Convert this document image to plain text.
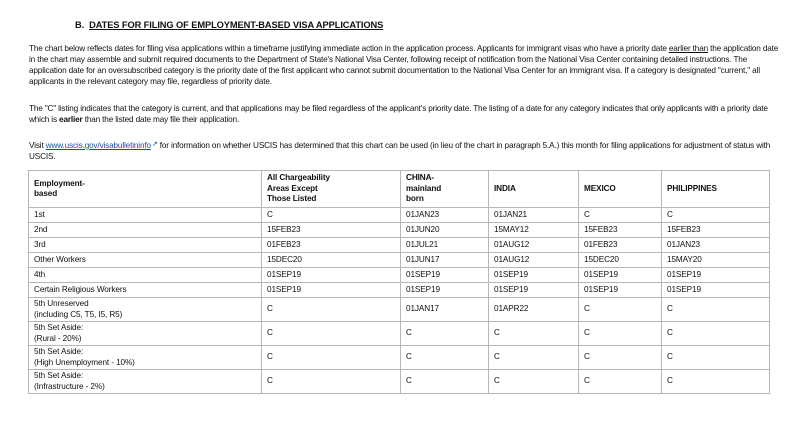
B. DATES FOR FILING OF EMPLOYMENT-BASED VISA APPLICATIONS

The chart below reflects dates for filing visa applications within a timeframe justifying immediate action in the application process. Applicants for immigrant visas who have a priority date earlier than the application date in the chart may assemble and submit required documents to the Department of State's National Visa Center, following receipt of notification from the National Visa Center containing detailed instructions. The application date for an oversubscribed category is the priority date of the first applicant who cannot submit documentation to the National Visa Center for an immigrant visa. If a category is designated "current," all applicants in the relevant category may file, regardless of priority date.

The "C" listing indicates that the category is current, and that applications may be filed regardless of the applicant's priority date. The listing of a date for any category indicates that only applicants with a priority date which is earlier than the listed date may file their application.

Visit www.uscis.gov/visabulletininfo↗ for information on whether USCIS has determined that this chart can be used (in lieu of the chart in paragraph 5.A.) this month for filing applications for adjustment of status with USCIS.

Employment-
based	All Chargeability
Areas Except
Those Listed	CHINA-
mainland
born	INDIA	MEXICO	PHILIPPINES
1st	C	01JAN23	01JAN21	C	C
2nd	15FEB23	01JUN20	15MAY12	15FEB23	15FEB23
3rd	01FEB23	01JUL21	01AUG12	01FEB23	01JAN23
Other Workers	15DEC20	01JUN17	01AUG12	15DEC20	15MAY20
4th	01SEP19	01SEP19	01SEP19	01SEP19	01SEP19
Certain Religious Workers	01SEP19	01SEP19	01SEP19	01SEP19	01SEP19
5th Unreserved
(including C5, T5, I5, R5)	C	01JAN17	01APR22	C	C
5th Set Aside:
(Rural - 20%)	C	C	C	C	C
5th Set Aside:
(High Unemployment - 10%)	C	C	C	C	C
5th Set Aside:
(Infrastructure - 2%)	C	C	C	C	C
